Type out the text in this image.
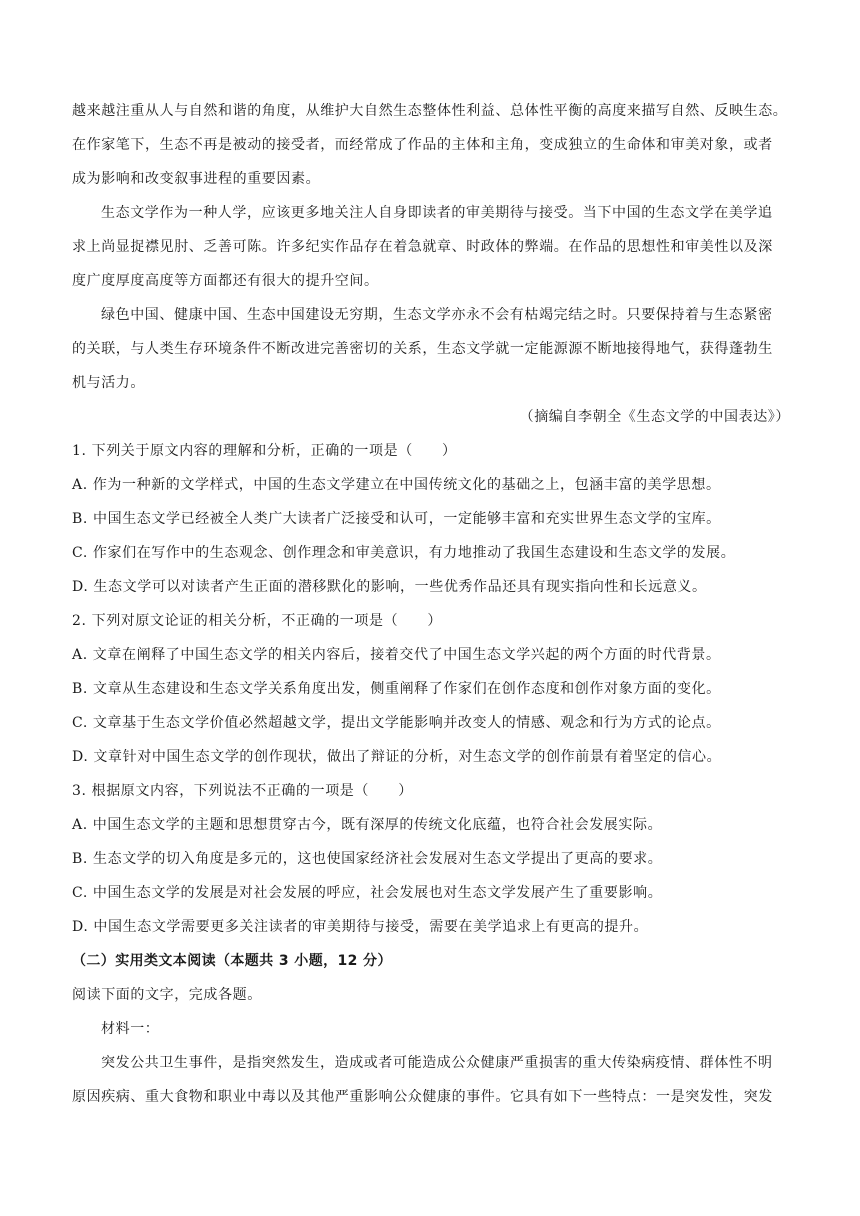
越来越注重从人与自然和谐的角度，从维护大自然生态整体性利益、总体性平衡的高度来描写自然、反映生态。
在作家笔下，生态不再是被动的接受者，而经常成了作品的主体和主角，变成独立的生命体和审美对象，或者
成为影响和改变叙事进程的重要因素。
生态文学作为一种人学，应该更多地关注人自身即读者的审美期待与接受。当下中国的生态文学在美学追
求上尚显捉襟见肘、乏善可陈。许多纪实作品存在着急就章、时政体的弊端。在作品的思想性和审美性以及深
度广度厚度高度等方面都还有很大的提升空间。
绿色中国、健康中国、生态中国建设无穷期，生态文学亦永不会有枯竭完结之时。只要保持着与生态紧密
的关联，与人类生存环境条件不断改进完善密切的关系，生态文学就一定能源源不断地接得地气，获得蓬勃生
机与活力。
（摘编自李朝全《生态文学的中国表达》）
1. 下列关于原文内容的理解和分析，正确的一项是（　　）
A. 作为一种新的文学样式，中国的生态文学建立在中国传统文化的基础之上，包涵丰富的美学思想。
B. 中国生态文学已经被全人类广大读者广泛接受和认可，一定能够丰富和充实世界生态文学的宝库。
C. 作家们在写作中的生态观念、创作理念和审美意识，有力地推动了我国生态建设和生态文学的发展。
D. 生态文学可以对读者产生正面的潜移默化的影响，一些优秀作品还具有现实指向性和长远意义。
2. 下列对原文论证的相关分析，不正确的一项是（　　）
A. 文章在阐释了中国生态文学的相关内容后，接着交代了中国生态文学兴起的两个方面的时代背景。
B. 文章从生态建设和生态文学关系角度出发，侧重阐释了作家们在创作态度和创作对象方面的变化。
C. 文章基于生态文学价值必然超越文学，提出文学能影响并改变人的情感、观念和行为方式的论点。
D. 文章针对中国生态文学的创作现状，做出了辩证的分析，对生态文学的创作前景有着坚定的信心。
3. 根据原文内容，下列说法不正确的一项是（　　）
A. 中国生态文学的主题和思想贯穿古今，既有深厚的传统文化底蕴，也符合社会发展实际。
B. 生态文学的切入角度是多元的，这也使国家经济社会发展对生态文学提出了更高的要求。
C. 中国生态文学的发展是对社会发展的呼应，社会发展也对生态文学发展产生了重要影响。
D. 中国生态文学需要更多关注读者的审美期待与接受，需要在美学追求上有更高的提升。
（二）实用类文本阅读（本题共 3 小题，12 分）
阅读下面的文字，完成各题。
材料一：
突发公共卫生事件，是指突然发生，造成或者可能造成公众健康严重损害的重大传染病疫情、群体性不明
原因疾病、重大食物和职业中毒以及其他严重影响公众健康的事件。它具有如下一些特点：一是突发性，突发
